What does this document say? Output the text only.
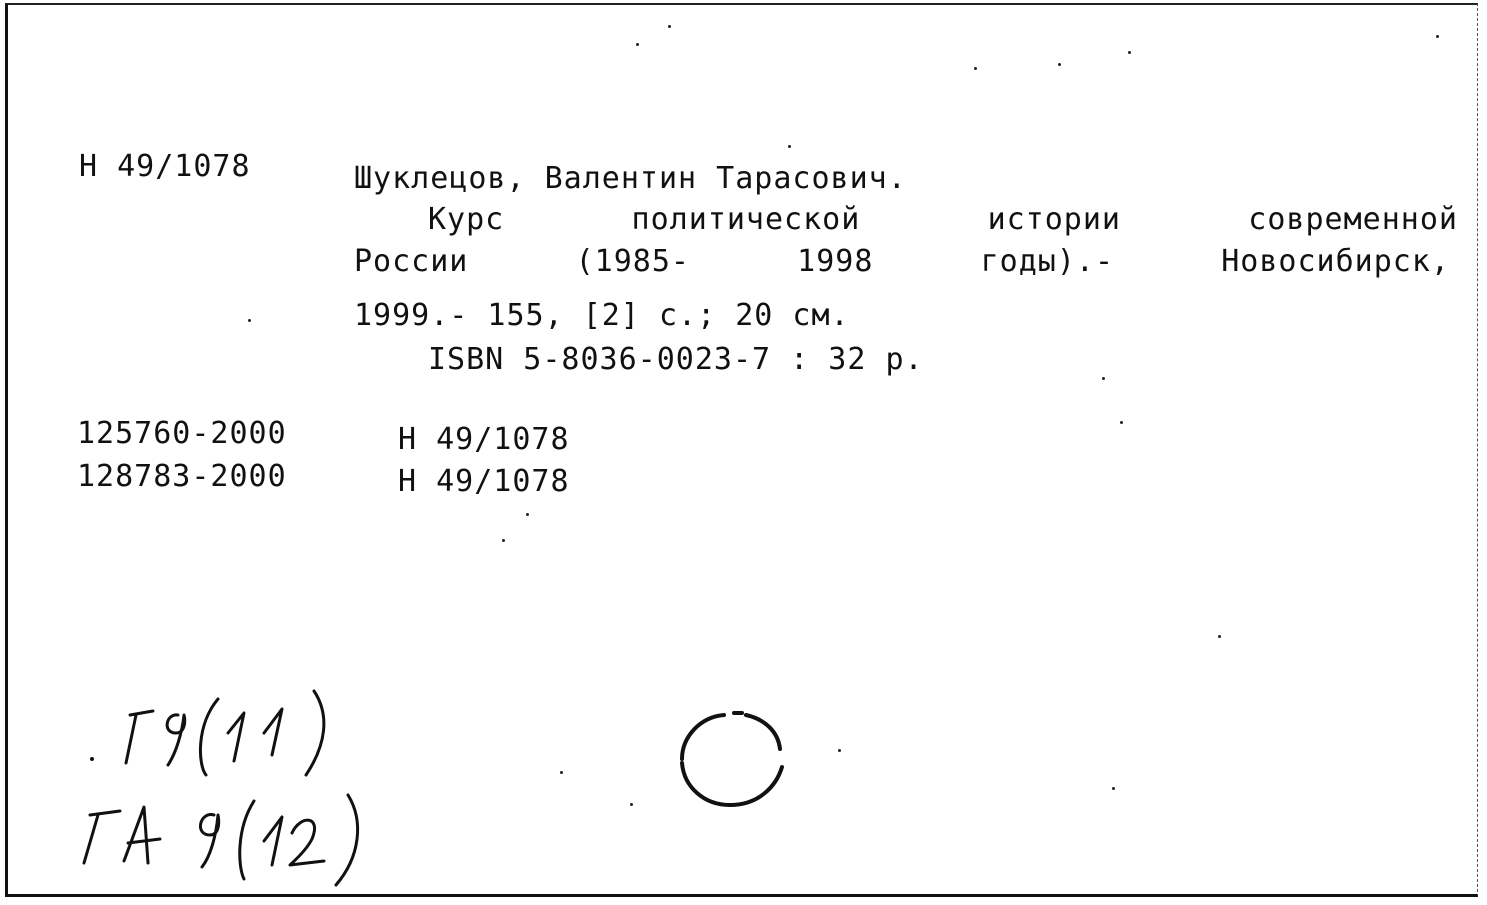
Н 49/1078	Шуклецов, Валентин Тарасович.
Курс	политической	истории	современной
России	(1985-	1998	годы).-	Новосибирск,
1999.- 155, [2] с.; 20 см.
ISBN 5-8036-0023-7 : 32 р.
125760-2000	Н 49/1078
128783-2000	Н 49/1078
